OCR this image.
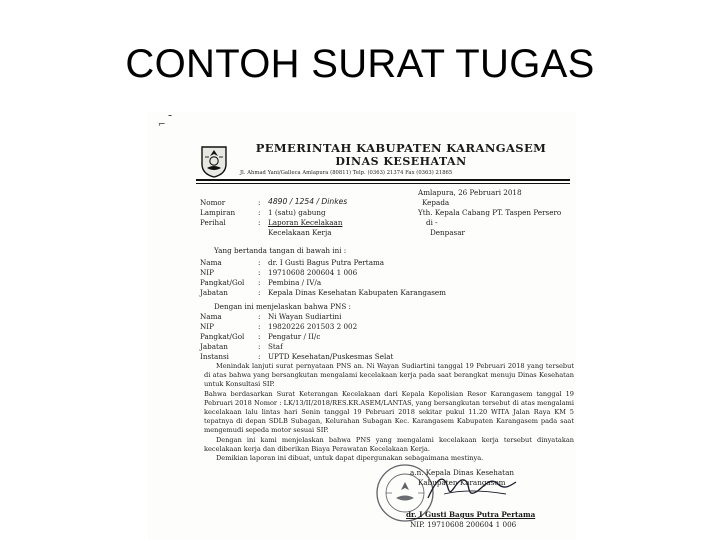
CONTOH SURAT TUGAS
-
⌐
PEMERINTAH KABUPATEN KARANGASEM
DINAS KESEHATAN
Jl. Ahmad Yani/Galleca Amlapura (80811) Telp. (0363) 21374 Fax (0363) 21865
Amlapura, 26 Pebruari 2018
Nomor	: 4890 / 1254 / Dinkes
Lampiran	: 1 (satu) gabung
Perihal	: Laporan Kecelakaan
Kecelakaan Kerja
Kepada
Yth. Kepala Cabang PT. Taspen Persero
di -
Denpasar
Yang bertanda tangan di bawah ini :
Nama	: dr. I Gusti Bagus Putra Pertama
NIP	: 19710608 200604 1 006
Pangkat/Gol : Pembina / IV/a
Jabatan	: Kepala Dinas Kesehatan Kabupaten Karangasem
Dengan ini menjelaskan bahwa PNS :
Nama	: Ni Wayan Sudiartini
NIP	: 19820226 201503 2 002
Pangkat/Gol : Pengatur / II/c
Jabatan	: Staf
Instansi	: UPTD Kesehatan/Puskesmas Selat
Menindak lanjuti surat pernyataan PNS an. Ni Wayan Sudiartini tanggal 19 Pebruari 2018 yang tersebut di atas bahwa yang bersangkutan mengalami kecelakaan kerja pada saat berangkat menuju Dinas Kesehatan untuk Konsultasi SIP.
Bahwa berdasarkan Surat Keterangan Kecelakaan dari Kepala Kepolisian Resor Karangasem tanggal 19 Pebruari 2018 Nomor : LK/13/II/2018/RES.KR.ASEM/LANTAS, yang bersangkutan tersebut di atas mengalami kecelakaan lalu lintas hari Senin tanggal 19 Pebruari 2018 sekitar pukul 11.20 WITA Jalan Raya KM 5 tepatnya di depan SDLB Subagan, Kelurahan Subagan Kec. Karangasem Kabupaten Karangasem pada saat mengemudi sepeda motor sesuai SIP.
Dengan ini kami menjelaskan bahwa PNS yang mengalami kecelakaan kerja tersebut dinyatakan kecelakaan kerja dan diberikan Biaya Perawatan Kecelakaan Kerja.
Demikian laporan ini dibuat, untuk dapat dipergunakan sebagaimana mestinya.
a.n. Kepala Dinas Kesehatan
Kabupaten Karangasem
dr. I Gusti Bagus Putra Pertama
NIP. 19710608 200604 1 006
